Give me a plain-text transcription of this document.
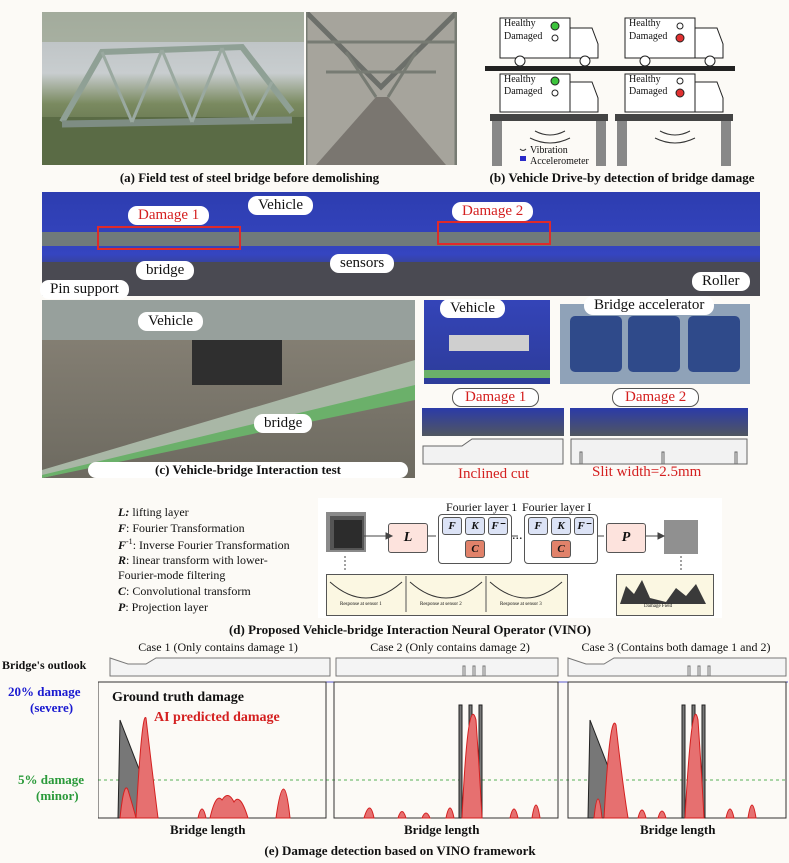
(a) Field test of steel bridge before demolishing
Healthy
Damaged
Healthy
Damaged
Healthy
Damaged
Healthy
Damaged
Vibration
Accelerometer
(b) Vehicle Drive-by detection of bridge damage
Damage 1
Vehicle	Damage 2
bridge	sensors
Pin support	Roller
Vehicle
bridge
(c) Vehicle-bridge Interaction test
Vehicle	Bridge accelerator
Damage 1	Damage 2
Inclined cut	Slit width=2.5mm
L: lifting layer
F: Fourier Transformation
$F^{-1}$: Inverse Fourier Transformation
R: linear transform with lower-
Fourier-mode filtering
C: Convolutional transform
P: Projection layer
L
Fourier layer 1
F	K	F⁻
C
...
Fourier layer I
F	K	F⁻
C
P
Response at sensor 1	Response at sensor 2	Response at sensor 3	Damage Field
(d) Proposed Vehicle-bridge Interaction Neural Operator (VINO)
Case 1 (Only contains damage 1)	Case 2 (Only contains damage 2)	Case 3 (Contains both damage 1 and 2)
Bridge's outlook
20% damage
(severe)
5% damage
(minor)
Ground truth damage
AI predicted damage
Bridge length	Bridge length	Bridge length
(e) Damage detection based on VINO framework
